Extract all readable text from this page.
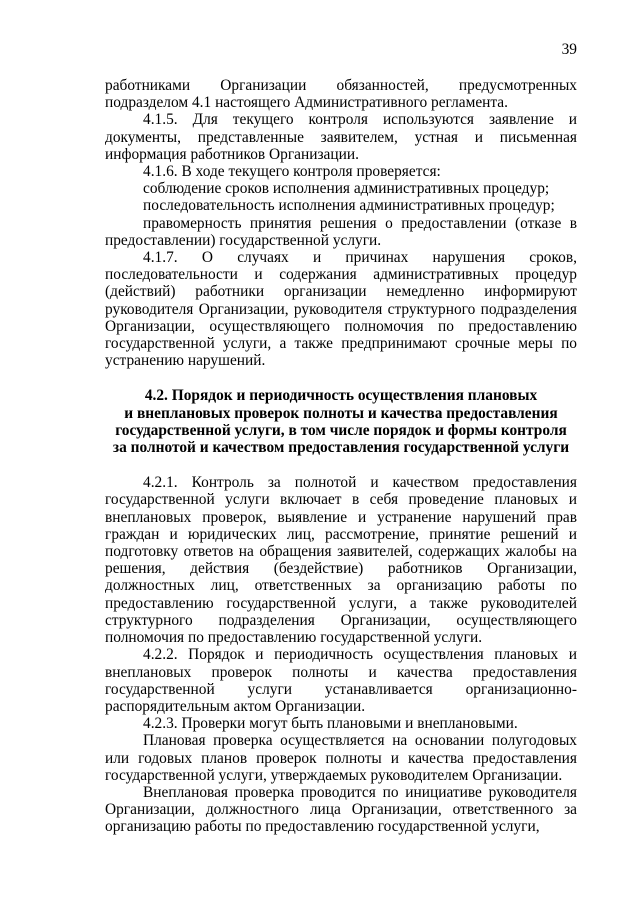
39

работниками Организации обязанностей, предусмотренных подразделом 4.1 настоящего Административного регламента.

4.1.5. Для текущего контроля используются заявление и документы, представленные заявителем, устная и письменная информация работников Организации.

4.1.6. В ходе текущего контроля проверяется:

соблюдение сроков исполнения административных процедур;

последовательность исполнения административных процедур;

правомерность принятия решения о предоставлении (отказе в предоставлении) государственной услуги.

4.1.7. О случаях и причинах нарушения сроков, последовательности и содержания административных процедур (действий) работники организации немедленно информируют руководителя Организации, руководителя структурного подразделения Организации, осуществляющего полномочия по предоставлению государственной услуги, а также предпринимают срочные меры по устранению нарушений.

4.2. Порядок и периодичность осуществления плановых
и внеплановых проверок полноты и качества предоставления
государственной услуги, в том числе порядок и формы контроля
за полнотой и качеством предоставления государственной услуги

4.2.1. Контроль за полнотой и качеством предоставления государственной услуги включает в себя проведение плановых и внеплановых проверок, выявление и устранение нарушений прав граждан и юридических лиц, рассмотрение, принятие решений и подготовку ответов на обращения заявителей, содержащих жалобы на решения, действия (бездействие) работников Организации, должностных лиц, ответственных за организацию работы по предоставлению государственной услуги, а также руководителей структурного подразделения Организации, осуществляющего полномочия по предоставлению государственной услуги.

4.2.2. Порядок и периодичность осуществления плановых и внеплановых проверок полноты и качества предоставления государственной услуги устанавливается организационно-распорядительным актом Организации.

4.2.3. Проверки могут быть плановыми и внеплановыми.

Плановая проверка осуществляется на основании полугодовых или годовых планов проверок полноты и качества предоставления государственной услуги, утверждаемых руководителем Организации.

Внеплановая проверка проводится по инициативе руководителя Организации, должностного лица Организации, ответственного за организацию работы по предоставлению государственной услуги,
